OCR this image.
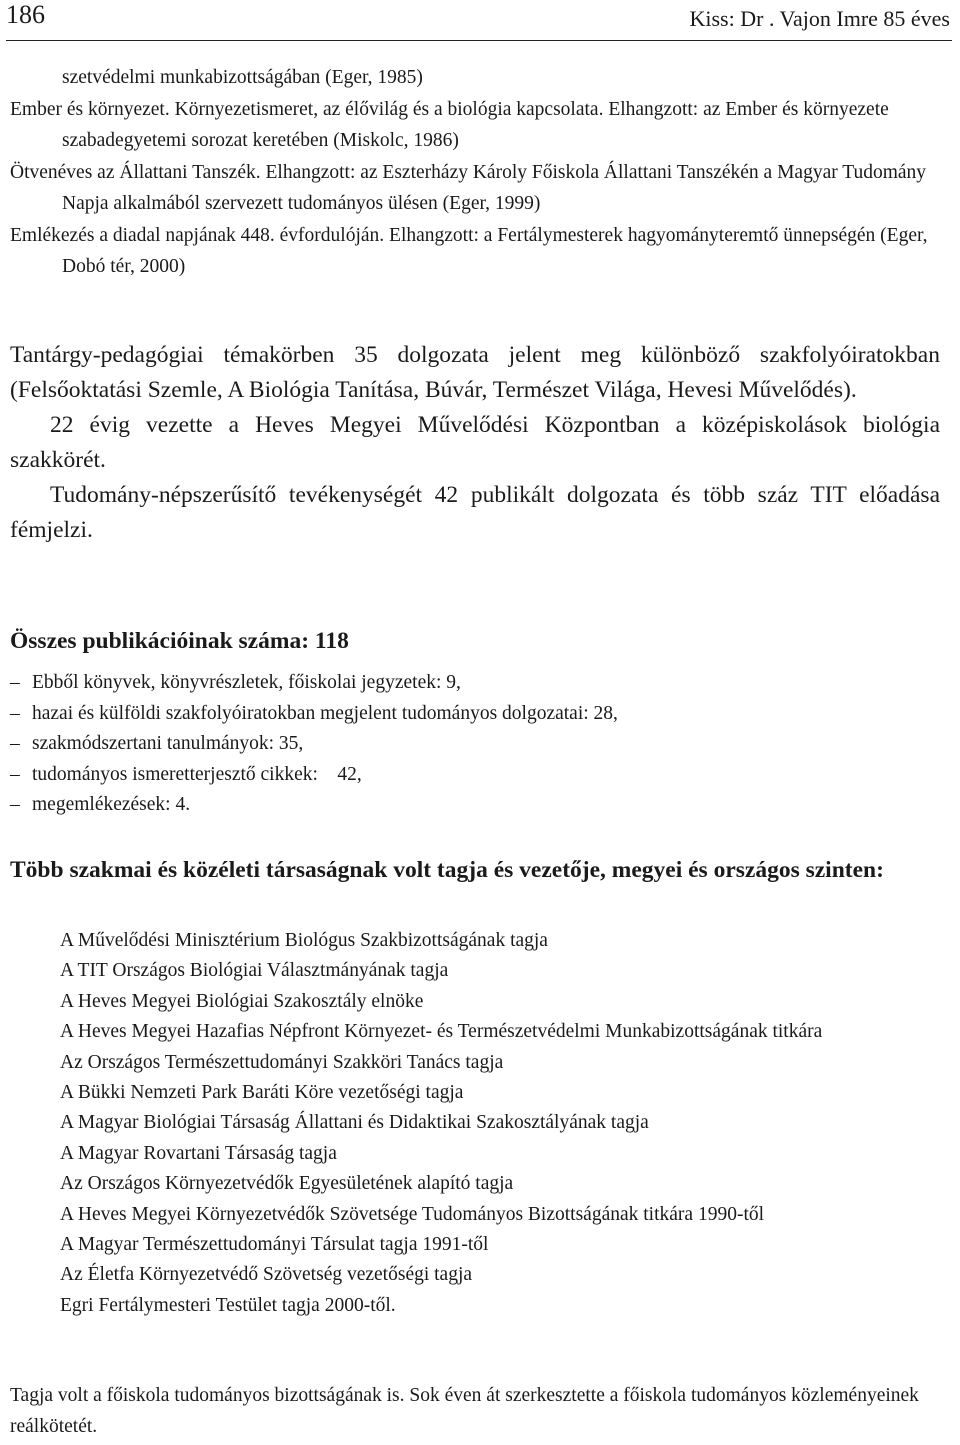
186	Kiss: Dr . Vajon Imre 85 éves

szetvédelmi munkabizottságában (Eger, 1985)

Ember és környezet. Környezetismeret, az élővilág és a biológia kapcsolata. Elhangzott: az Ember és környezete szabadegyetemi sorozat keretében (Miskolc, 1986)

Ötvenéves az Állattani Tanszék. Elhangzott: az Eszterházy Károly Főiskola Állattani Tanszékén a Magyar Tudomány Napja alkalmából szervezett tudományos ülésen (Eger, 1999)

Emlékezés a diadal napjának 448. évfordulóján. Elhangzott: a Fertálymesterek hagyományteremtő ünnepségén (Eger, Dobó tér, 2000)

Tantárgy-pedagógiai témakörben 35 dolgozata jelent meg különböző szakfolyóiratokban (Felsőoktatási Szemle, A Biológia Tanítása, Búvár, Természet Világa, Hevesi Művelődés).

22 évig vezette a Heves Megyei Művelődési Központban a középiskolások biológia szakkörét.

Tudomány-népszerűsítő tevékenységét 42 publikált dolgozata és több száz TIT előadása fémjelzi.

Összes publikációinak száma: 118
– Ebből könyvek, könyvrészletek, főiskolai jegyzetek: 9,
– hazai és külföldi szakfolyóiratokban megjelent tudományos dolgozatai: 28,
– szakmódszertani tanulmányok: 35,
– tudományos ismeretterjesztő cikkek:    42,
– megemlékezések: 4.
Több szakmai és közéleti társaságnak volt tagja és vezetője, megyei és országos szinten:

A Művelődési Minisztérium Biológus Szakbizottságának tagja

A TIT Országos Biológiai Választmányának tagja

A Heves Megyei Biológiai Szakosztály elnöke

A Heves Megyei Hazafias Népfront Környezet- és Természetvédelmi Munkabizottságának titkára

Az Országos Természettudományi Szakköri Tanács tagja

A Bükki Nemzeti Park Baráti Köre vezetőségi tagja

A Magyar Biológiai Társaság Állattani és Didaktikai Szakosztályának tagja

A Magyar Rovartani Társaság tagja

Az Országos Környezetvédők Egyesületének alapító tagja

A Heves Megyei Környezetvédők Szövetsége Tudományos Bizottságának titkára 1990-től

A Magyar Természettudományi Társulat tagja 1991-től

Az Életfa Környezetvédő Szövetség vezetőségi tagja

Egri Fertálymesteri Testület tagja 2000-től.

Tagja volt a főiskola tudományos bizottságának is. Sok éven át szerkesztette a főiskola tudományos közleményeinek reálkötetét.
